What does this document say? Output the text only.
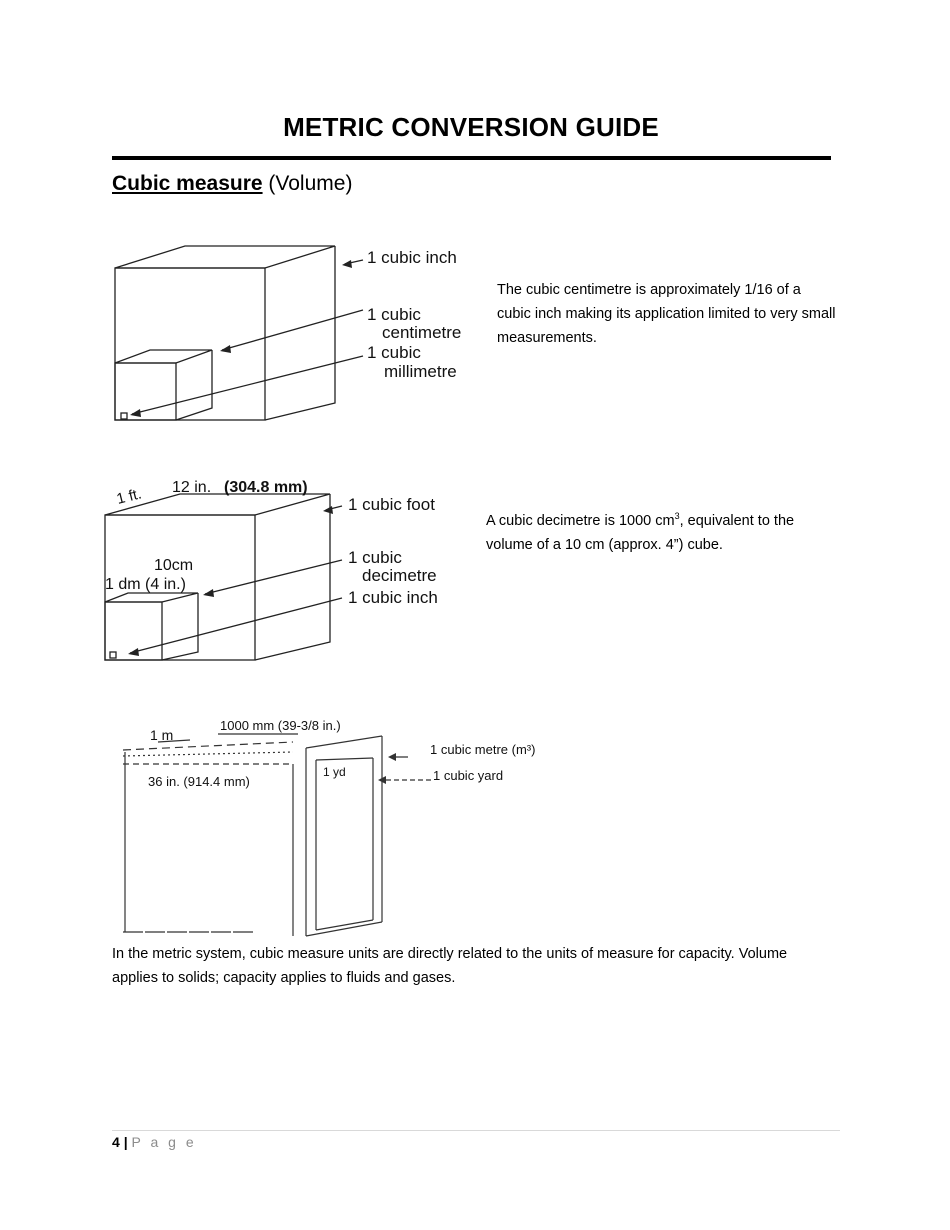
METRIC CONVERSION GUIDE
Cubic measure (Volume)
1 cubic inch
1 cubic
centimetre
1 cubic
millimetre
The cubic centimetre is approximately 1/16 of a cubic inch making its application limited to very small measurements.
1 ft. 12 in. (304.8 mm)
1 cubic foot
10cm
1 dm (4 in.)
1 cubic
decimetre
1 cubic inch
A cubic decimetre is 1000 $cm^3$, equivalent to the volume of a 10 cm (approx. 4”) cube.
1 m
1000 mm (39-3/8 in.)
36 in. (914.4 mm)
1 yd
1 cubic metre (m³)
1 cubic yard
In the metric system, cubic measure units are directly related to the units of measure for capacity. Volume applies to solids; capacity applies to fluids and gases.
4 | P a g e
